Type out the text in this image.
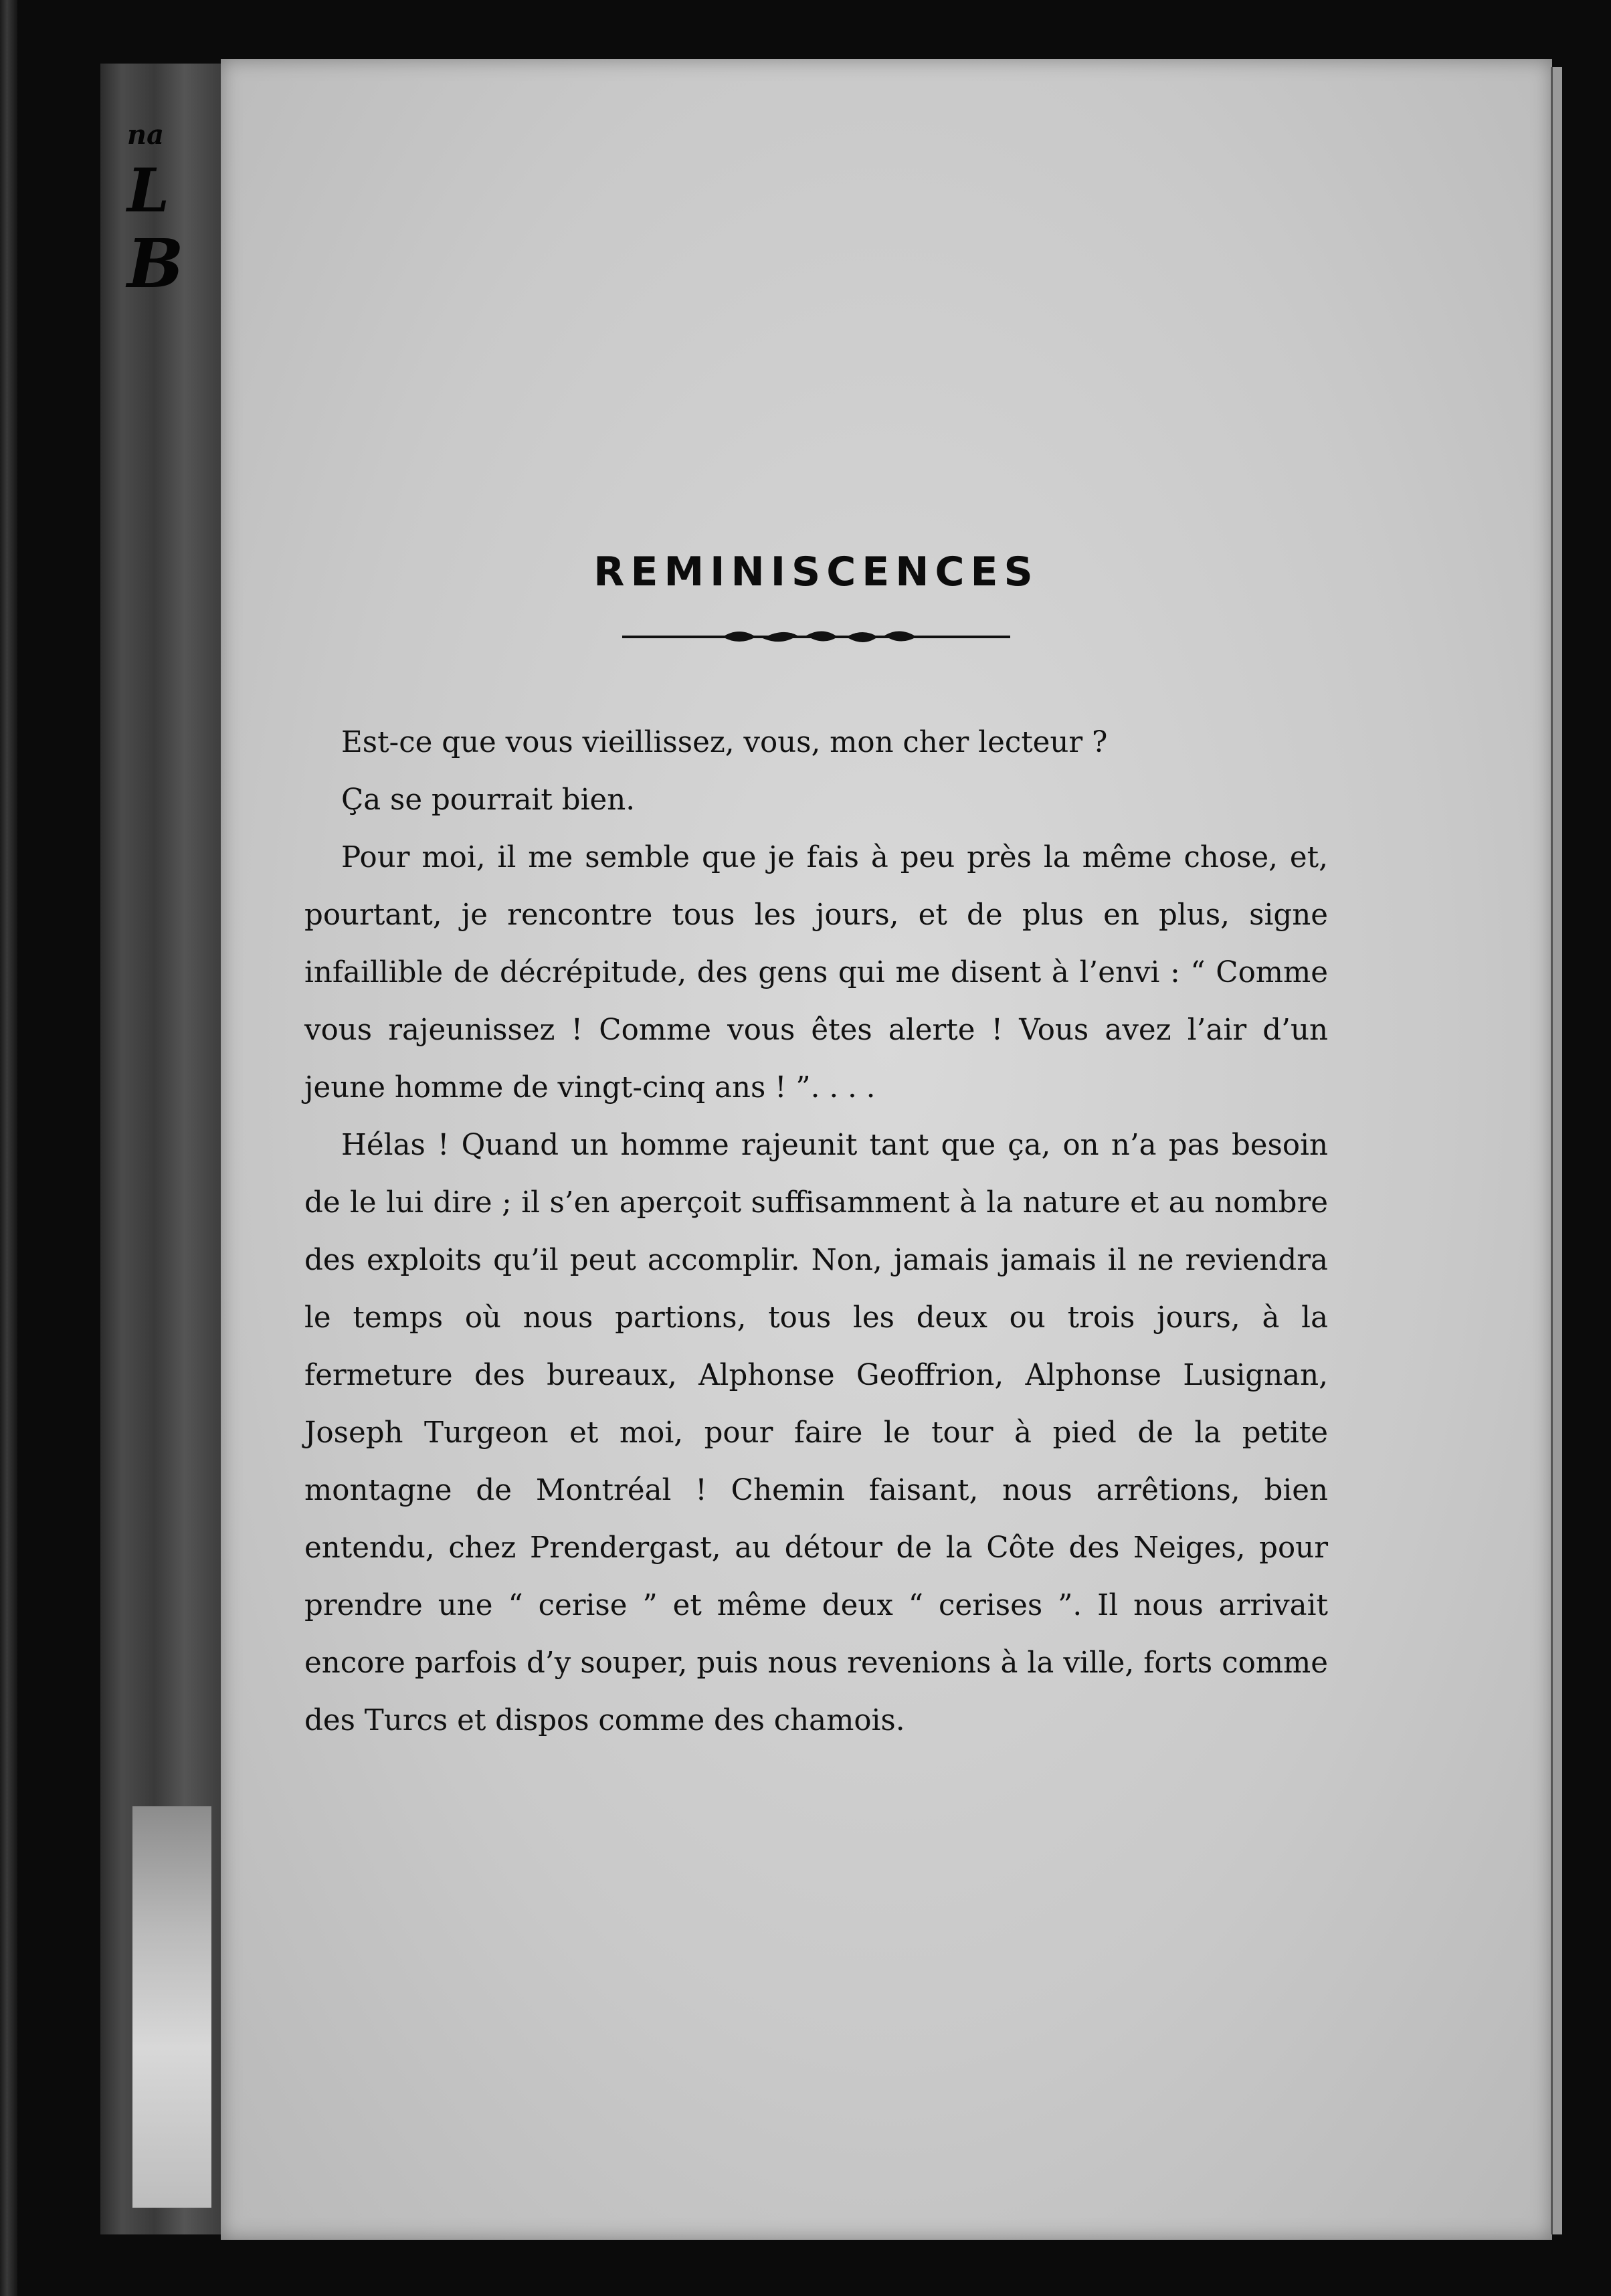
na
L
B
REMINISCENCES

Est-ce que vous vieillissez, vous, mon cher lecteur ?

Ça se pourrait bien.

Pour moi, il me semble que je fais à peu près la même chose, et, pourtant, je rencontre tous les jours, et de plus en plus, signe infaillible de décrépitude, des gens qui me disent à l’envi : “ Comme vous rajeunissez ! Comme vous êtes alerte ! Vous avez l’air d’un jeune homme de vingt-cinq ans ! ”. . . .

Hélas ! Quand un homme rajeunit tant que ça, on n’a pas besoin de le lui dire ; il s’en aperçoit suffisamment à la nature et au nombre des exploits qu’il peut accomplir. Non, jamais jamais il ne reviendra le temps où nous partions, tous les deux ou trois jours, à la fermeture des bureaux, Alphonse Geoffrion, Alphonse Lusignan, Joseph Turgeon et moi, pour faire le tour à pied de la petite montagne de Montréal ! Chemin faisant, nous arrêtions, bien entendu, chez Prendergast, au détour de la Côte des Neiges, pour prendre une “ cerise ” et même deux “ cerises ”. Il nous arrivait encore parfois d’y souper, puis nous revenions à la ville, forts comme des Turcs et dispos comme des chamois.
